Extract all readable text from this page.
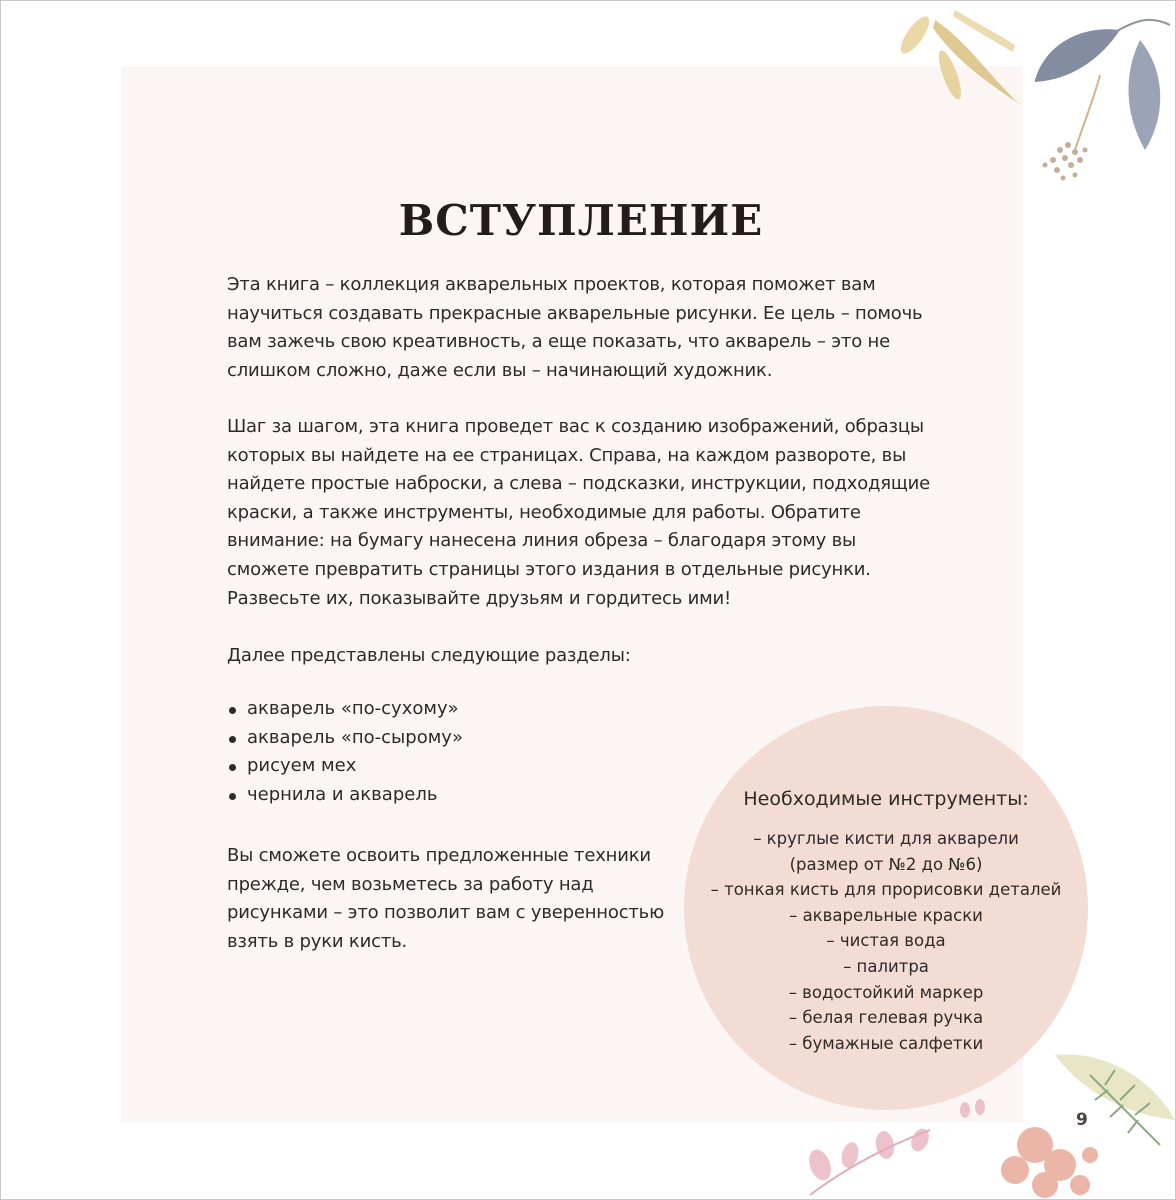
ВСТУПЛЕНИЕ

Эта книга – коллекция акварельных проектов, которая поможет вам научиться создавать прекрасные акварельные рисунки. Ее цель – помочь вам зажечь свою креативность, а еще показать, что акварель – это не слишком сложно, даже если вы – начинающий художник.

Шаг за шагом, эта книга проведет вас к созданию изображений, образцы которых вы найдете на ее страницах. Справа, на каждом развороте, вы найдете простые наброски, а слева – подсказки, инструкции, подходящие краски, а также инструменты, необходимые для работы. Обратите внимание: на бумагу нанесена линия обреза – благодаря этому вы сможете превратить страницы этого издания в отдельные рисунки. Развесьте их, показывайте друзьям и гордитесь ими!

Далее представлены следующие разделы:

акварель «по-сухому»
акварель «по-сырому»
рисуем мех
чернила и акварель

Вы сможете освоить предложенные техники прежде, чем возьметесь за работу над рисунками – это позволит вам с уверенностью взять в руки кисть.

Необходимые инструменты:

– круглые кисти для акварели
(размер от №2 до №6)
– тонкая кисть для прорисовки деталей
– акварельные краски
– чистая вода
– палитра
– водостойкий маркер
– белая гелевая ручка
– бумажные салфетки
9
